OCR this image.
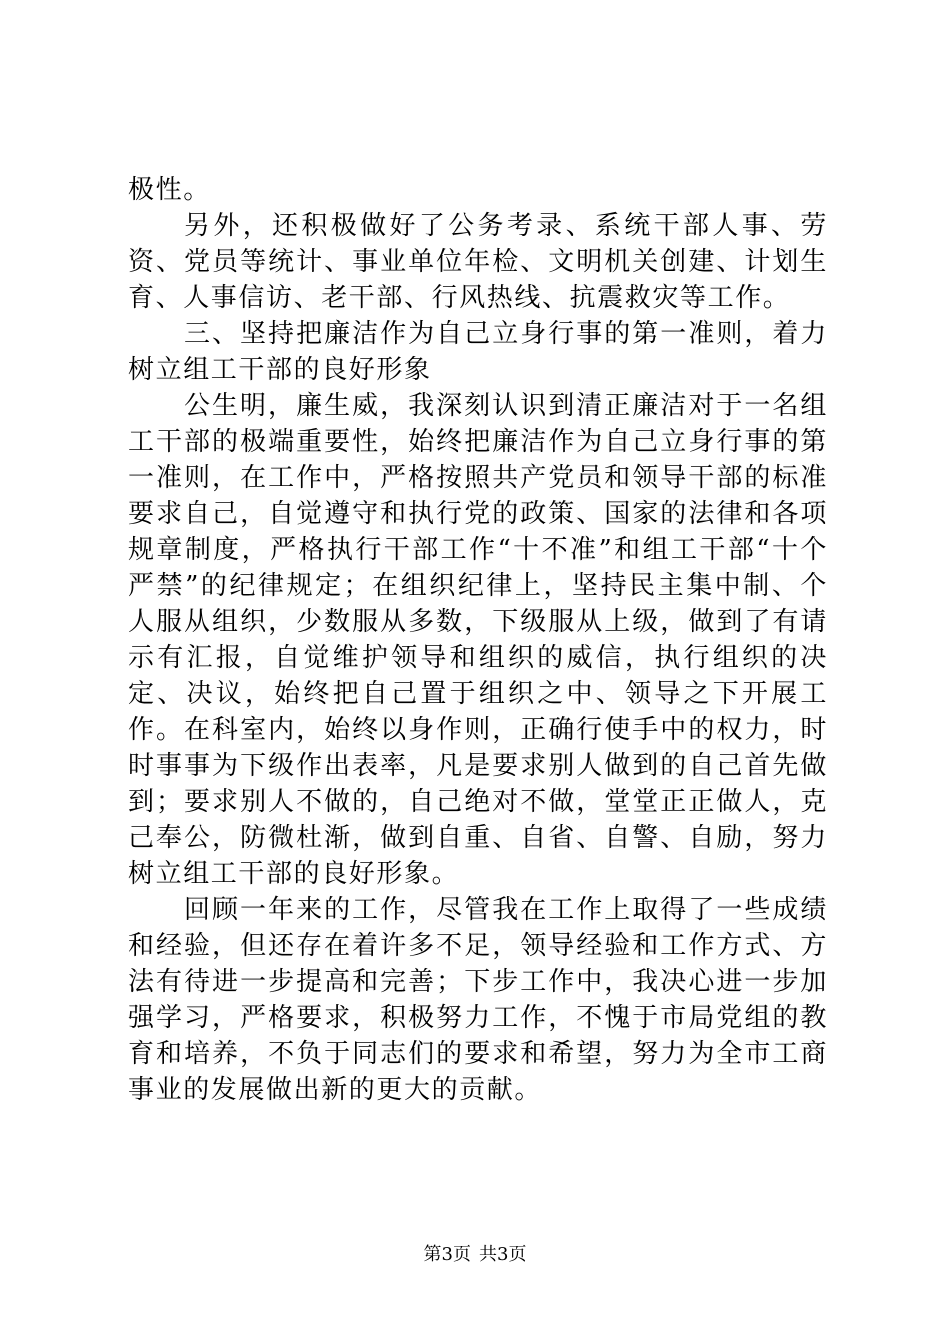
极性。

另外，还积极做好了公务考录、系统干部人事、劳资、党员等统计、事业单位年检、文明机关创建、计划生育、人事信访、老干部、行风热线、抗震救灾等工作。

三、坚持把廉洁作为自己立身行事的第一准则，着力树立组工干部的良好形象

公生明，廉生威，我深刻认识到清正廉洁对于一名组工干部的极端重要性，始终把廉洁作为自己立身行事的第一准则，在工作中，严格按照共产党员和领导干部的标准要求自己，自觉遵守和执行党的政策、国家的法律和各项规章制度，严格执行干部工作“十不准”和组工干部“十个严禁”的纪律规定；在组织纪律上，坚持民主集中制、个人服从组织，少数服从多数，下级服从上级，做到了有请示有汇报，自觉维护领导和组织的威信，执行组织的决定、决议，始终把自己置于组织之中、领导之下开展工作。在科室内，始终以身作则，正确行使手中的权力，时时事事为下级作出表率，凡是要求别人做到的自己首先做到；要求别人不做的，自己绝对不做，堂堂正正做人，克己奉公，防微杜渐，做到自重、自省、自警、自励，努力树立组工干部的良好形象。

回顾一年来的工作，尽管我在工作上取得了一些成绩和经验，但还存在着许多不足，领导经验和工作方式、方法有待进一步提高和完善；下步工作中，我决心进一步加强学习，严格要求，积极努力工作，不愧于市局党组的教育和培养，不负于同志们的要求和希望，努力为全市工商事业的发展做出新的更大的贡献。

第3页 共3页
